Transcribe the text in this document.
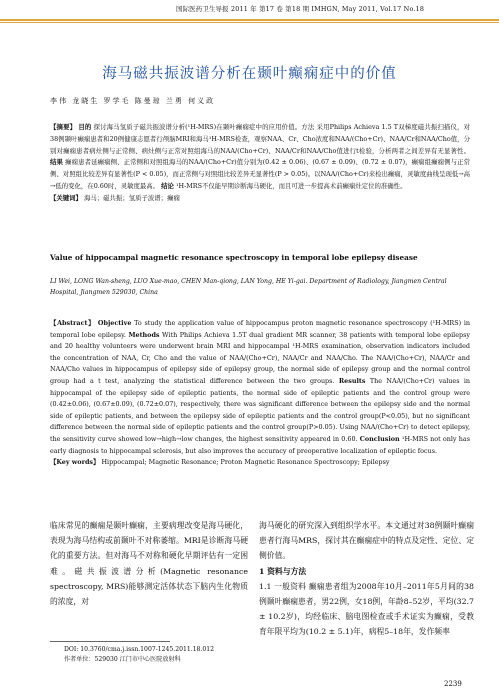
国际医药卫生导报 2011 年 第17 卷 第18 期 IMHGN, May 2011, Vol.17 No.18
海马磁共振波谱分析在颞叶癫痫症中的价值
李伟 龙晓生 罗学毛 陈曼琼 兰勇 何义政
【摘要】 目的 探讨海马氢质子磁共振波谱分析(¹H-MRS)在颞叶癫痫症中的应用价值。方法 采用Philips Achieva 1.5 T双梯度磁共振扫描仪，对38例颞叶癫痫患者和20例健康志愿者行颅脑MRI和海马¹H-MRS检查，观察NAA、Cr、Cho浓度和NAA/(Cho+Cr)、NAA/Cr和NAA/Cho值，分别对癫痫患者病灶侧与正常侧、病灶侧与正常对照组海马的NAA/(Cho+Cr)、NAA/Cr和NAA/Cho值进行t检验，分析两者之间差异有无显著性。 结果 癫痫患者延癫痫侧、正常侧和对照组海马的NAA/(Cho+Cr)值分别为(0.42 ± 0.06)、(0.67 ± 0.09)、(0.72 ± 0.07)，癫痫组癫痫侧与正常侧、对照组比较差异有显著性(P < 0.05)，而正常侧与对照组比较差异无显著性(P > 0.05)。以NAA/(Cho+Cr)来检出癫痫，灵敏度曲线呈现低→高→低的变化，在0.60时，灵敏度最高。 结论 ¹H-MRS不仅能早期诊断海马硬化，而且可进一步提高术前癫痫灶定位的准确性。
【关键词】 海马；磁共振；氢质子波谱；癫痫
Value of hippocampal magnetic resonance spectroscopy in temporal lobe epilepsy disease
LI Wei, LONG Wan-sheng, LUO Xue-mao, CHEN Man-qiong, LAN Yong, HE Yi-gai. Department of Radiology, Jiangmen Central Hospital, Jiangmen 529030, China
【Abstract】 Objective To study the application value of hippocampus proton magnetic resonance spectroscopy (¹H-MRS) in temporal lobe epilepsy. Methods With Philips Achieva 1.5T dual gradient MR scanner, 38 patients with temporal lobe epilepsy and 20 healthy volunteers were underwent brain MRI and hippocampal ¹H-MRS examination, observation indicators included the concentration of NAA, Cr, Cho and the value of NAA/(Cho+Cr), NAA/Cr and NAA/Cho. The NAA/(Cho+Cr), NAA/Cr and NAA/Cho values in hippocampus of epilepsy side of epilepsy group, the normal side of epilepsy group and the normal control group had a t test, analyzing the statistical difference between the two groups. Results The NAA/(Cho+Cr) values in hippocampal of the epilepsy side of epileptic patients, the normal side of epileptic patients and the control group were (0.42±0.06), (0.67±0.09), (0.72±0.07), respectively, there was significant difference between the epilepsy side and the normal side of epileptic patients, and between the epilepsy side of epileptic patients and the control group(P<0.05), but no significant difference between the normal side of epileptic patients and the control group(P>0.05). Using NAA/(Cho+Cr) to detect epilepsy, the sensitivity curve showed low→high→low changes, the highest sensitivity appeared in 0.60. Conclusion ¹H-MRS not only has early diagnosis to hippocampal sclerosis, but also improves the accuracy of preoperative localization of epileptic focus.
【Key words】 Hippocampal; Magnetic Resonance; Proton Magnetic Resonance Spectroscopy; Epilepsy
临床常见的癫痫是颞叶癫痫，主要病理改变是海马硬化，表现为海马结构或前颞叶不对称萎缩。MRI是诊断海马硬化的重要方法。但对海马不对称和硬化早期评估有一定困难。磁共振波谱分析(Magnetic resonance spectroscopy, MRS)能够测定活体状态下脑内生化物质的浓度，对
海马硬化的研究深入到组织学水平。本文通过对38例颞叶癫痫患者行海马MRS，探讨其在癫痫症中的特点及定性、定位、定侧价值。
1 资料与方法
1.1 一般资料 癫痫患者组为2008年10月–2011年5月间的38例颞叶癫痫患者，男22例，女18例，年龄8–52岁，平均(32.7 ± 10.2岁)，均经临床、脑电图检查或手术证实为癫痫，受教育年限平均为(10.2 ± 5.1)年，病程5–18年，发作频率
DOI: 10.3760/cma.j.issn.1007-1245.2011.18.012
作者单位：529030 江门市中心医院放射科
2239
